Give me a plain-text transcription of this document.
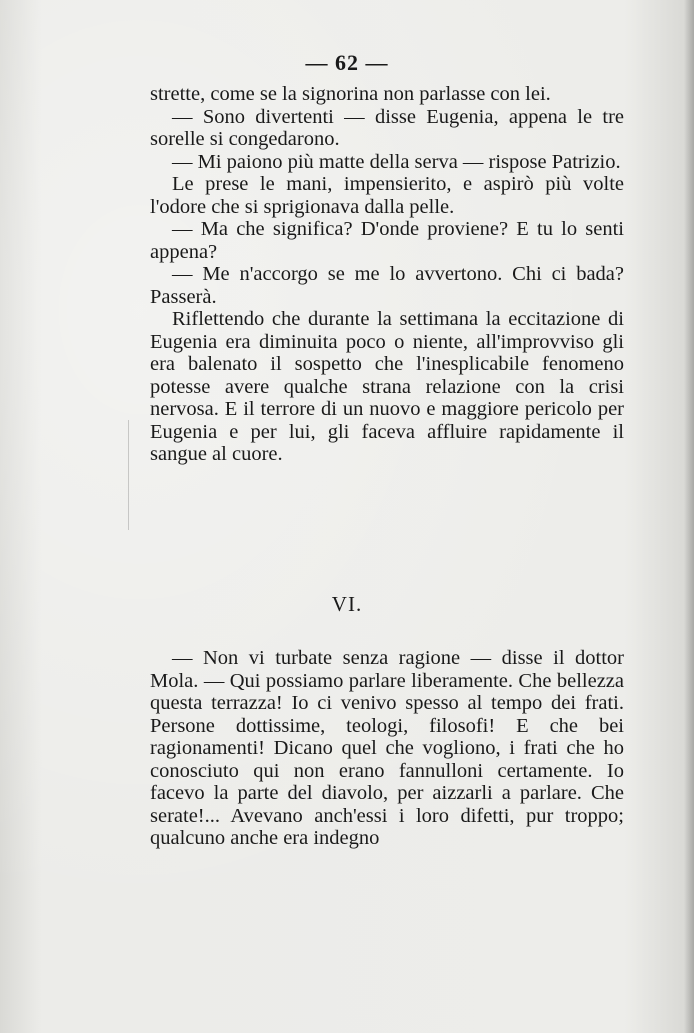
— 62 —

strette, come se la signorina non parlasse con lei.

— Sono divertenti — disse Eugenia, appena le tre sorelle si congedarono.

— Mi paiono più matte della serva — rispose Patrizio.

Le prese le mani, impensierito, e aspirò più volte l'odore che si sprigionava dalla pelle.

— Ma che significa? D'onde proviene? E tu lo senti appena?

— Me n'accorgo se me lo avvertono. Chi ci bada? Passerà.

Riflettendo che durante la settimana la eccitazione di Eugenia era diminuita poco o niente, all'improvviso gli era balenato il sospetto che l'inesplicabile fenomeno potesse avere qualche strana relazione con la crisi nervosa. E il terrore di un nuovo e maggiore pericolo per Eugenia e per lui, gli faceva affluire rapidamente il sangue al cuore.

VI.

— Non vi turbate senza ragione — disse il dottor Mola. — Qui possiamo parlare liberamente. Che bellezza questa terrazza! Io ci venivo spesso al tempo dei frati. Persone dottissime, teologi, filosofi! E che bei ragionamenti! Dicano quel che vogliono, i frati che ho conosciuto qui non erano fannulloni certamente. Io facevo la parte del diavolo, per aizzarli a parlare. Che serate!... Avevano anch'essi i loro difetti, pur troppo; qualcuno anche era indegno
